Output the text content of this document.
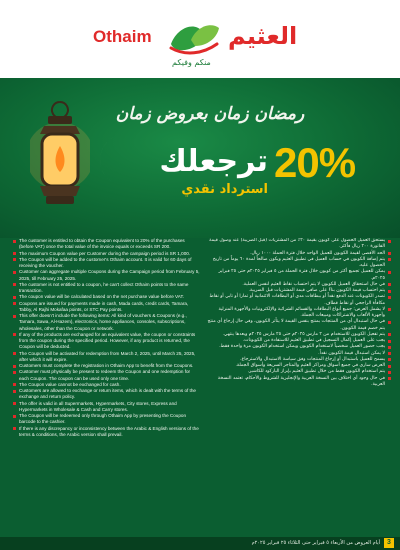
Othaim	العثيم
منكم وفيكم
رمضان زمان بعروض زمان
20%
ترجعلك
استرداد نقدي
The customer is entitled to obtain the Coupon equivalent to 20% of the purchases (before VAT) once the total value of the invoice equals or exceeds SR 200.
The maximum Coupon value per Customer during the campaign period is SR 1,000.
The Coupon will be added to the customer's Othaim account. It is valid for 60 days of receiving the voucher.
Customer can aggregate multiple Coupons during the Campaign period from February 5, 2025, till February 25, 2025.
The customer is not entitled to a coupon, he can't collect Othaim points to the same transaction.
The coupon value will be calculated based on the net purchase value before VAT.
Coupons are issued for payments made in cash, Mada cards, credit cards, Tamara, Tabby, Al Rajhi Mokafaa points, or STC Pay points.
This offer doesn't include the following items: All kind of vouchers & Coupons (e.g., Tamara, Sawa, Al-Hazem), electronics, home appliances, consoles, subscriptions, wholesales, other than the Coupon or network.
If any of the products are exchanged for an equivalent value, the coupon or constraints from the coupon during the specified period. However, if any product is returned, the Coupon will be deducted.
The Coupon will be activated for redemption from March 2, 2025, until March 25, 2025, after which it will expire.
Customers must complete the registration in Othaim App to benefit from the Coupons.
Customer must physically be present to redeem the Coupon and one redemption for each Coupon. The coupon can be used only one time.
The Coupon value cannot be exchanged for cash.
Customers are allowed to exchange or return items, which is dealt with the terms of the exchange and return policy.
The offer is valid in all Supermarkets, Hypermarkets, City stores, Express and Hypermarkets in Wholesale & Cash and Carry stores.
The Coupon will be redeemed only through Othaim App by presenting the Coupon barcode to the cashier.
If there is any discrepancy or inconsistency between the Arabic & English versions of the terms & conditions, the Arabic version shall prevail.
يستحق العميل الحصول على كوبون بقيمة ٢٠٪ من المشتريات (قبل الضريبة) عند وصول قيمة الفاتورة ٢٠٠ ريال فأكثر.
الحد الأقصى لقيمة الكوبون للعميل الواحد خلال فترة الحملة ١٠٠٠ ريال.
يتم إضافة الكوبون في حساب العميل في تطبيق العثيم ويكون صالحاً لمدة ٦٠ يوماً من تاريخ الحصول عليه.
يمكن للعميل تجميع أكثر من كوبون خلال فترة الحملة من ٥ فبراير ٢٠٢٥م حتى ٢٥ فبراير ٢٠٢٥م.
في حال استحقاق العميل للكوبون لا يتم احتساب نقاط العثيم لنفس العملية.
يتم احتساب قيمة الكوبون بناءً على صافي قيمة المشتريات قبل الضريبة.
تصدر الكوبونات عند الدفع نقداً أو ببطاقات مدى أو البطاقات الائتمانية أو تمارا أو تابي أو نقاط مكافأة الراجحي أو نقاط قطاف.
لا يشمل العرض: جميع أنواع البطاقات والقسائم الشرائية والإلكترونيات والأجهزة المنزلية وأجهزة الألعاب والاشتراكات ومبيعات الجملة.
في حال استبدال أي من المنتجات بمنتج بنفس القيمة لا يتأثر الكوبون، وفي حال إرجاع أي منتج يتم خصم قيمة الكوبون.
يتم تفعيل الكوبون للاستخدام من ٢ مارس ٢٠٢٥م حتى ٢٥ مارس ٢٠٢٥م وبعدها ينتهي.
يجب على العميل إكمال التسجيل في تطبيق العثيم للاستفادة من الكوبونات.
يجب حضور العميل شخصياً لاستخدام الكوبون ويمكن استخدام الكوبون مرة واحدة فقط.
لا يمكن استبدال قيمة الكوبون نقداً.
يسمح للعميل باستبدال أو إرجاع المنتجات وفق سياسة الاستبدال والاسترجاع.
العرض ساري في جميع أسواق ومراكز العثيم والمتاجر السريعة وأسواق الجملة.
يتم استخدام الكوبون فقط من خلال تطبيق العثيم بإبراز الباركود للكاشير.
في حال وجود أي اختلاف بين النسخة العربية والإنجليزية للشروط والأحكام، تعتمد النسخة العربية.
أيام العروض من الأربعاء ٥ فبراير حتى الثلاثاء ٢٥ فبراير ٢٠٢٥م	3
